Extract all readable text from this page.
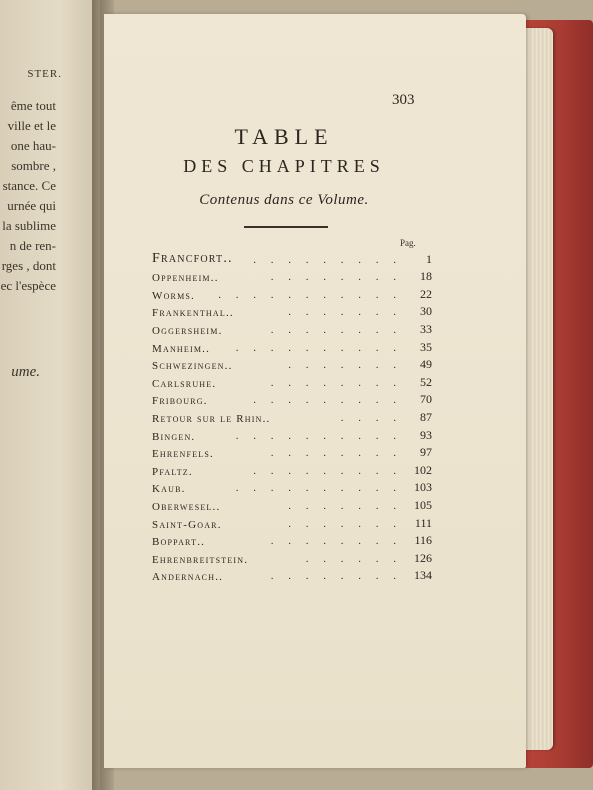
STER.
ême tout
ville et le
one hau-
sombre ,
stance. Ce
urnée qui
la sublime
n de ren-
rges , dont
ec l'espèce
ume.
303
TABLE
DES CHAPITRES
Contenus dans ce Volume.
Pag.
. . . . . . . . .
Francfort..	1
. . . . . . . .
Oppenheim..	18
. . . . . . . . . . .
Worms.	22
. . . . . . .
Frankenthal..	30
. . . . . . . .
Oggersheim.	33
. . . . . . . . . .
Manheim..	35
. . . . . . .
Schwezingen..	49
. . . . . . . .
Carlsruhe.	52
. . . . . . . . .
Fribourg.	70
. . . .
Retour sur le Rhin..	87
. . . . . . . . . .
Bingen.	93
. . . . . . . .
Ehrenfels.	97
. . . . . . . . .
Pfaltz.	102
. . . . . . . . . .
Kaub.	103
. . . . . . .
Oberwesel..	105
. . . . . . .
Saint-Goar.	111
. . . . . . . .
Boppart..	116
. . . . . .
Ehrenbreitstein.	126
. . . . . . . .
Andernach..	134
